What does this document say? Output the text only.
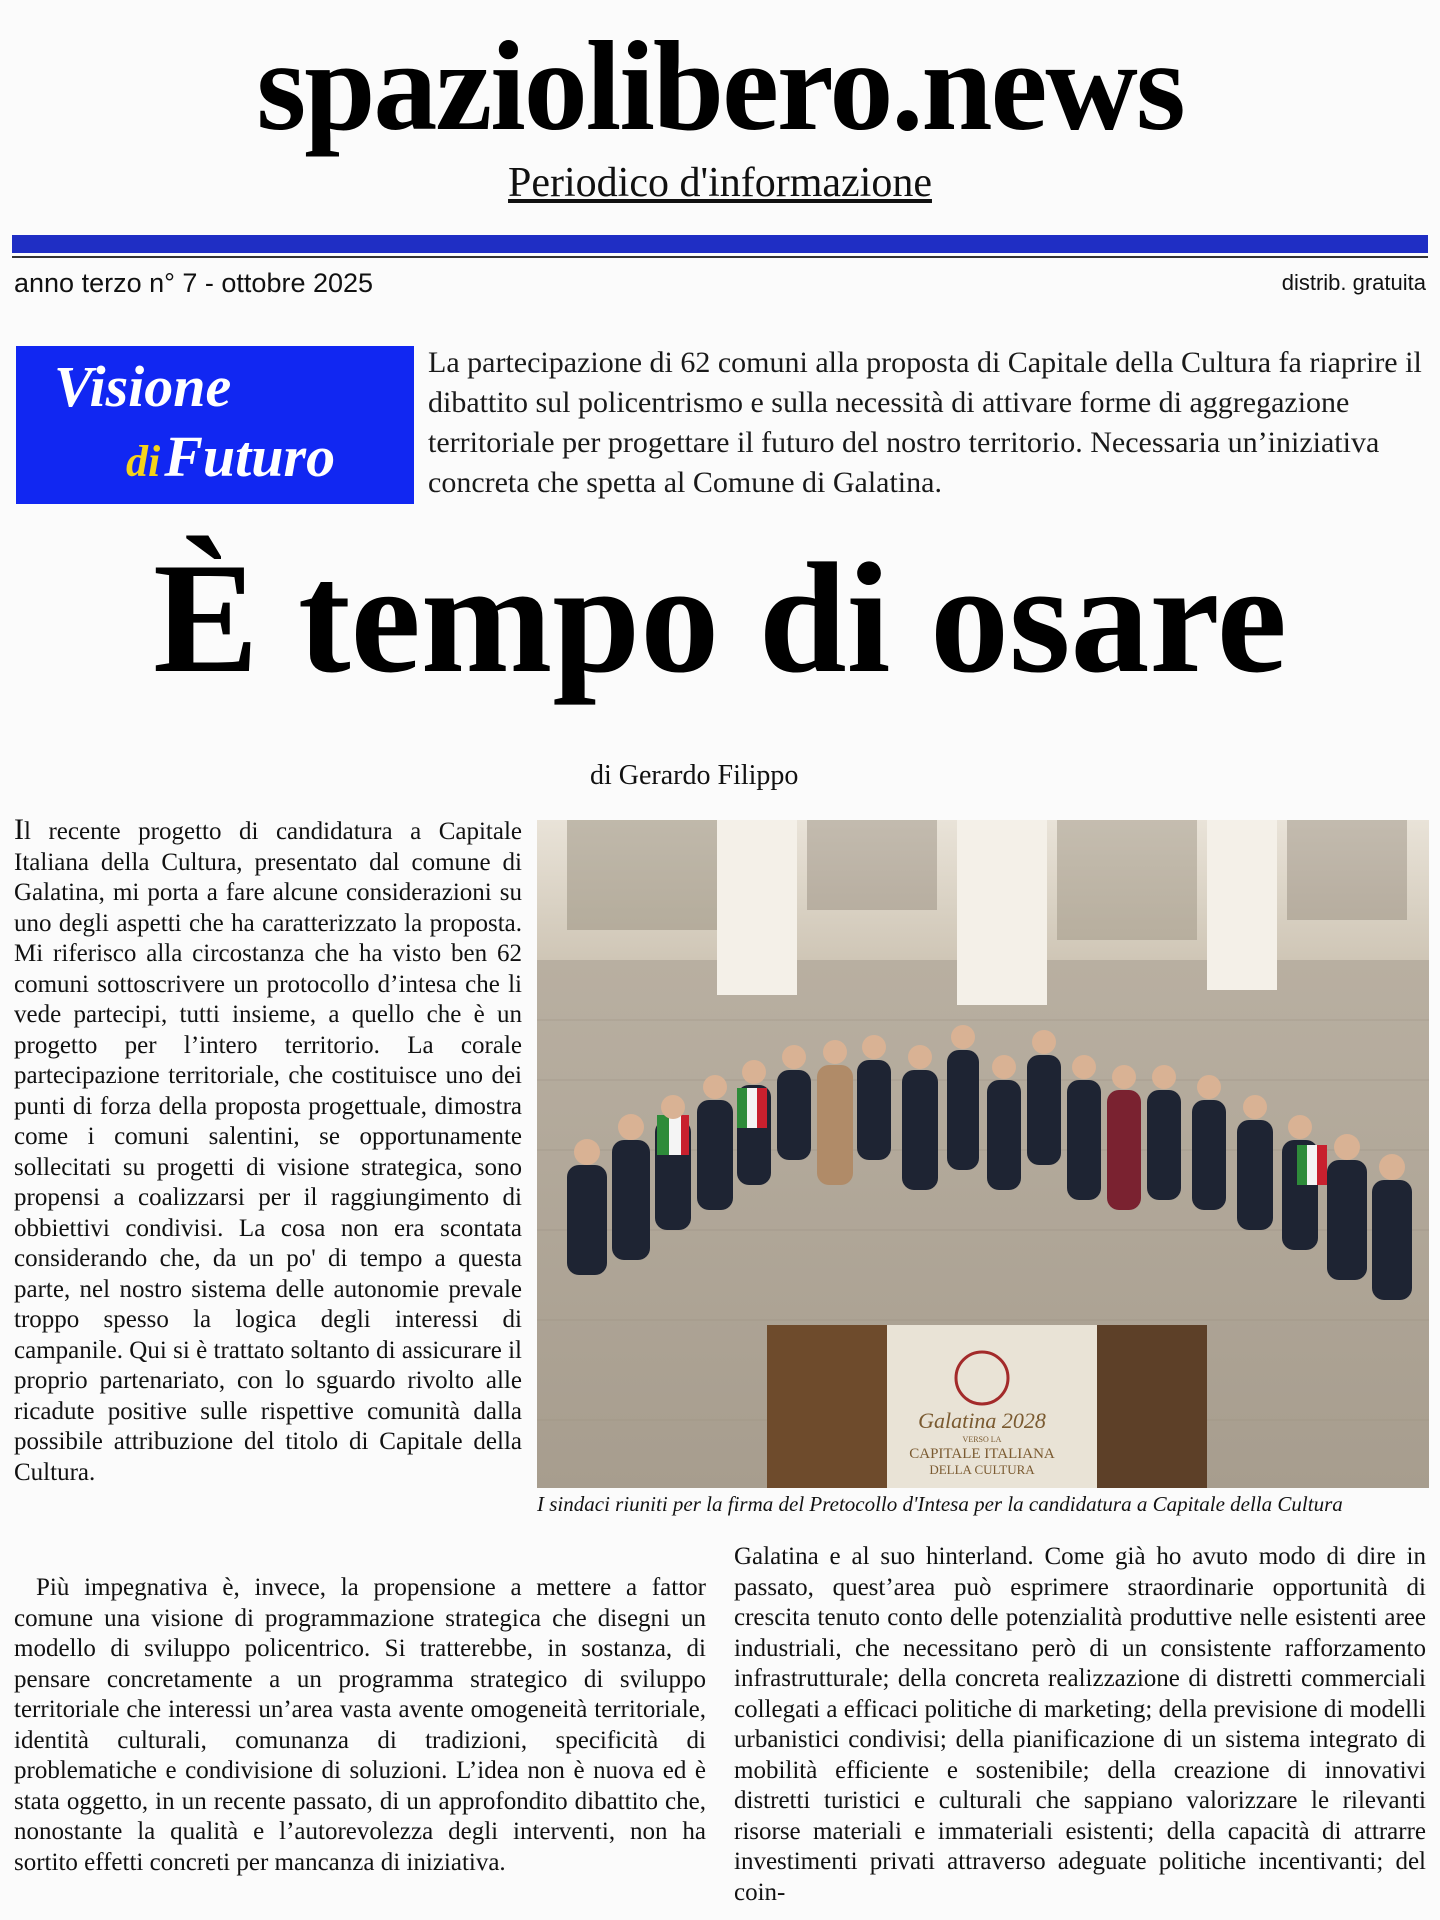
spaziolibero.news
Periodico d'informazione
anno terzo n° 7 - ottobre 2025	distrib. gratuita
Visione
diFuturo

La partecipazione di 62 comuni alla proposta di Capitale della Cultura fa riaprire il dibattito sul policentrismo e sulla necessità di attivare forme di aggregazione territoriale per progettare il futuro del nostro territorio. Necessaria un’iniziativa concreta che spetta al Comune di Galatina.

È tempo di osare
di Gerardo Filippo

Il recente progetto di candidatura a Capitale Italiana della Cultura, presentato dal comune di Galatina, mi porta a fare alcune considerazioni su uno degli aspetti che ha caratterizzato la proposta. Mi riferisco alla circostanza che ha visto ben 62 comuni sottoscrivere un protocollo d’intesa che li vede partecipi, tutti insieme, a quello che è un progetto per l’intero territorio. La corale partecipazione territoriale, che costituisce uno dei punti di forza della proposta progettuale, dimostra come i comuni salentini, se opportunamente sollecitati su progetti di visione strategica, sono propensi a coalizzarsi per il raggiungimento di obbiettivi condivisi. La cosa non era scontata considerando che, da un po' di tempo a questa parte, nel nostro sistema delle autonomie prevale troppo spesso la logica degli interessi di campanile. Qui si è trattato soltanto di assicurare il proprio partenariato, con lo sguardo rivolto alle ricadute positive sulle rispettive comunità dalla possibile attribuzione del titolo di Capitale della Cultura.

Più impegnativa è, invece, la propensione a mettere a fattor comune una visione di programmazione strategica che disegni un modello di sviluppo policentrico. Si tratterebbe, in sostanza, di pensare concretamente a un programma strategico di sviluppo territoriale che interessi un’area vasta avente omogeneità territoriale, identità culturali, comunanza di tradizioni, specificità di problematiche e condivisione di soluzioni. L’idea non è nuova ed è stata oggetto, in un recente passato, di un approfondito dibattito che, nonostante la qualità e l’autorevolezza degli interventi, non ha sortito effetti concreti per mancanza di iniziativa.

Galatina e al suo hinterland. Come già ho avuto modo di dire in passato, quest’area può esprimere straordinarie opportunità di crescita tenuto conto delle potenzialità produttive nelle esistenti aree industriali, che necessitano però di un consistente rafforzamento infrastrutturale; della concreta realizzazione di distretti commerciali collegati a efficaci politiche di marketing; della previsione di modelli urbanistici condivisi; della pianificazione di un sistema integrato di mobilità efficiente e sostenibile; della creazione di innovativi distretti turistici e culturali che sappiano valorizzare le rilevanti risorse materiali e immateriali esistenti; della capacità di attrarre investimenti privati attraverso adeguate politiche incentivanti; del coin-

Galatina 2028
VERSO LA
CAPITALE ITALIANA
DELLA CULTURA
I sindaci riuniti per la firma del Pretocollo d'Intesa per la candidatura a Capitale della Cultura
